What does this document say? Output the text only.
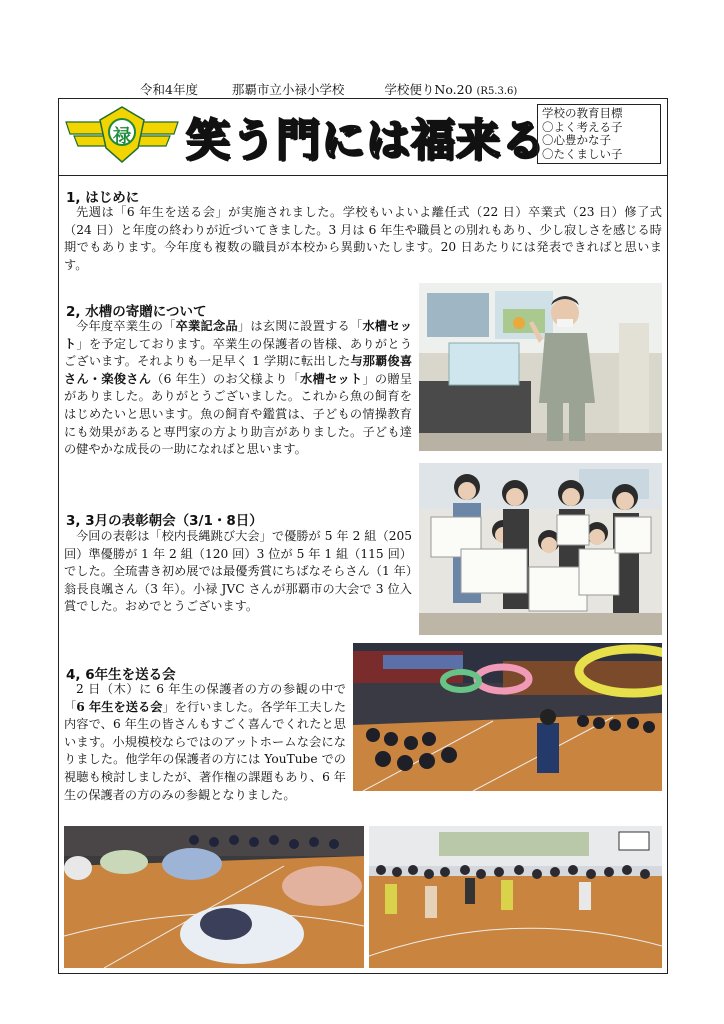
令和4年度	那覇市立小禄小学校	学校便りNo.20 (R5.3.6)
禄 笑う門には福来る
学校の教育目標
〇よく考える子
〇心豊かな子
〇たくましい子
1, はじめに
先週は「6 年生を送る会」が実施されました。学校もいよいよ離任式（22 日）卒業式（23 日）修了式（24 日）と年度の終わりが近づいてきました。3 月は 6 年生や職員との別れもあり、少し寂しさを感じる時期でもあります。今年度も複数の職員が本校から異動いたします。20 日あたりには発表できればと思います。
2, 水槽の寄贈について
今年度卒業生の「卒業記念品」は玄関に設置する「水槽セット」を予定しております。卒業生の保護者の皆様、ありがとうございます。それよりも一足早く 1 学期に転出した与那覇俊喜さん・楽俊さん（6 年生）のお父様より「水槽セット」の贈呈がありました。ありがとうございました。これから魚の飼育をはじめたいと思います。魚の飼育や鑑賞は、子どもの情操教育にも効果があると専門家の方より助言がありました。子ども達の健やかな成長の一助になればと思います。
3, 3月の表彰朝会（3/1・8日）
今回の表彰は「校内長縄跳び大会」で優勝が 5 年 2 組（205 回）準優勝が 1 年 2 組（120 回）3 位が 5 年 1 組（115 回）でした。全琉書き初め展では最優秀賞にちばなそらさん（1 年）翁長良颯さん（3 年）。小禄 JVC さんが那覇市の大会で 3 位入賞でした。おめでとうございます。
4, 6年生を送る会
2 日（木）に 6 年生の保護者の方の参観の中で「6 年生を送る会」を行いました。各学年工夫した内容で、6 年生の皆さんもすごく喜んでくれたと思います。小規模校ならではのアットホームな会になりました。他学年の保護者の方には YouTube での視聴も検討しましたが、著作権の課題もあり、6 年生の保護者の方のみの参観となりました。
